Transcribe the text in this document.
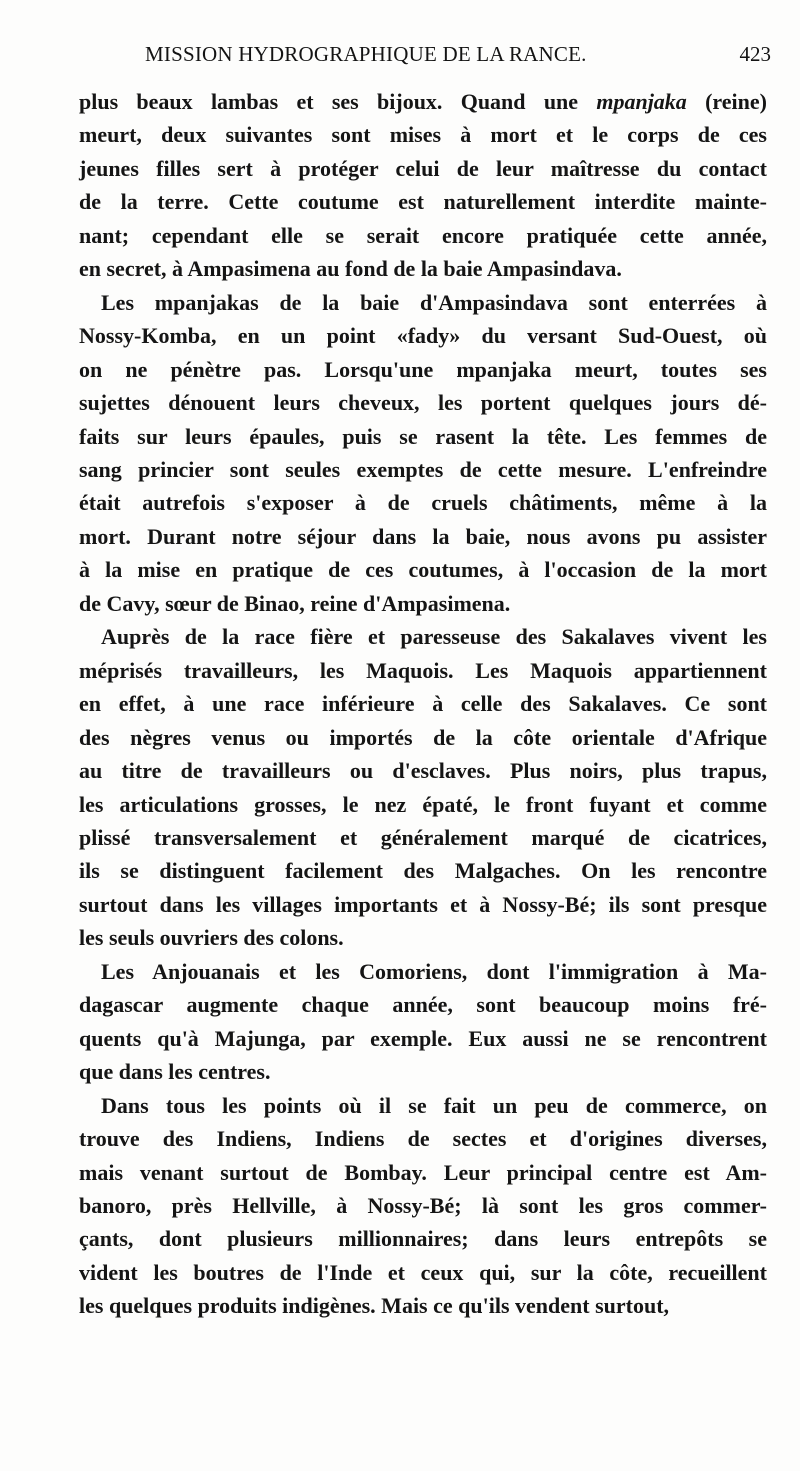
MISSION HYDROGRAPHIQUE DE LA RANCE.	423
plus beaux lambas et ses bijoux. Quand une mpanjaka (reine)
meurt, deux suivantes sont mises à mort et le corps de ces
jeunes filles sert à protéger celui de leur maîtresse du contact
de la terre. Cette coutume est naturellement interdite mainte-
nant; cependant elle se serait encore pratiquée cette année,
en secret, à Ampasimena au fond de la baie Ampasindava.
Les mpanjakas de la baie d'Ampasindava sont enterrées à
Nossy-Komba, en un point «fady» du versant Sud-Ouest, où
on ne pénètre pas. Lorsqu'une mpanjaka meurt, toutes ses
sujettes dénouent leurs cheveux, les portent quelques jours dé-
faits sur leurs épaules, puis se rasent la tête. Les femmes de
sang princier sont seules exemptes de cette mesure. L'enfreindre
était autrefois s'exposer à de cruels châtiments, même à la
mort. Durant notre séjour dans la baie, nous avons pu assister
à la mise en pratique de ces coutumes, à l'occasion de la mort
de Cavy, sœur de Binao, reine d'Ampasimena.
Auprès de la race fière et paresseuse des Sakalaves vivent les
méprisés travailleurs, les Maquois. Les Maquois appartiennent
en effet, à une race inférieure à celle des Sakalaves. Ce sont
des nègres venus ou importés de la côte orientale d'Afrique
au titre de travailleurs ou d'esclaves. Plus noirs, plus trapus,
les articulations grosses, le nez épaté, le front fuyant et comme
plissé transversalement et généralement marqué de cicatrices,
ils se distinguent facilement des Malgaches. On les rencontre
surtout dans les villages importants et à Nossy-Bé; ils sont presque
les seuls ouvriers des colons.
Les Anjouanais et les Comoriens, dont l'immigration à Ma-
dagascar augmente chaque année, sont beaucoup moins fré-
quents qu'à Majunga, par exemple. Eux aussi ne se rencontrent
que dans les centres.
Dans tous les points où il se fait un peu de commerce, on
trouve des Indiens, Indiens de sectes et d'origines diverses,
mais venant surtout de Bombay. Leur principal centre est Am-
banoro, près Hellville, à Nossy-Bé; là sont les gros commer-
çants, dont plusieurs millionnaires; dans leurs entrepôts se
vident les boutres de l'Inde et ceux qui, sur la côte, recueillent
les quelques produits indigènes. Mais ce qu'ils vendent surtout,
